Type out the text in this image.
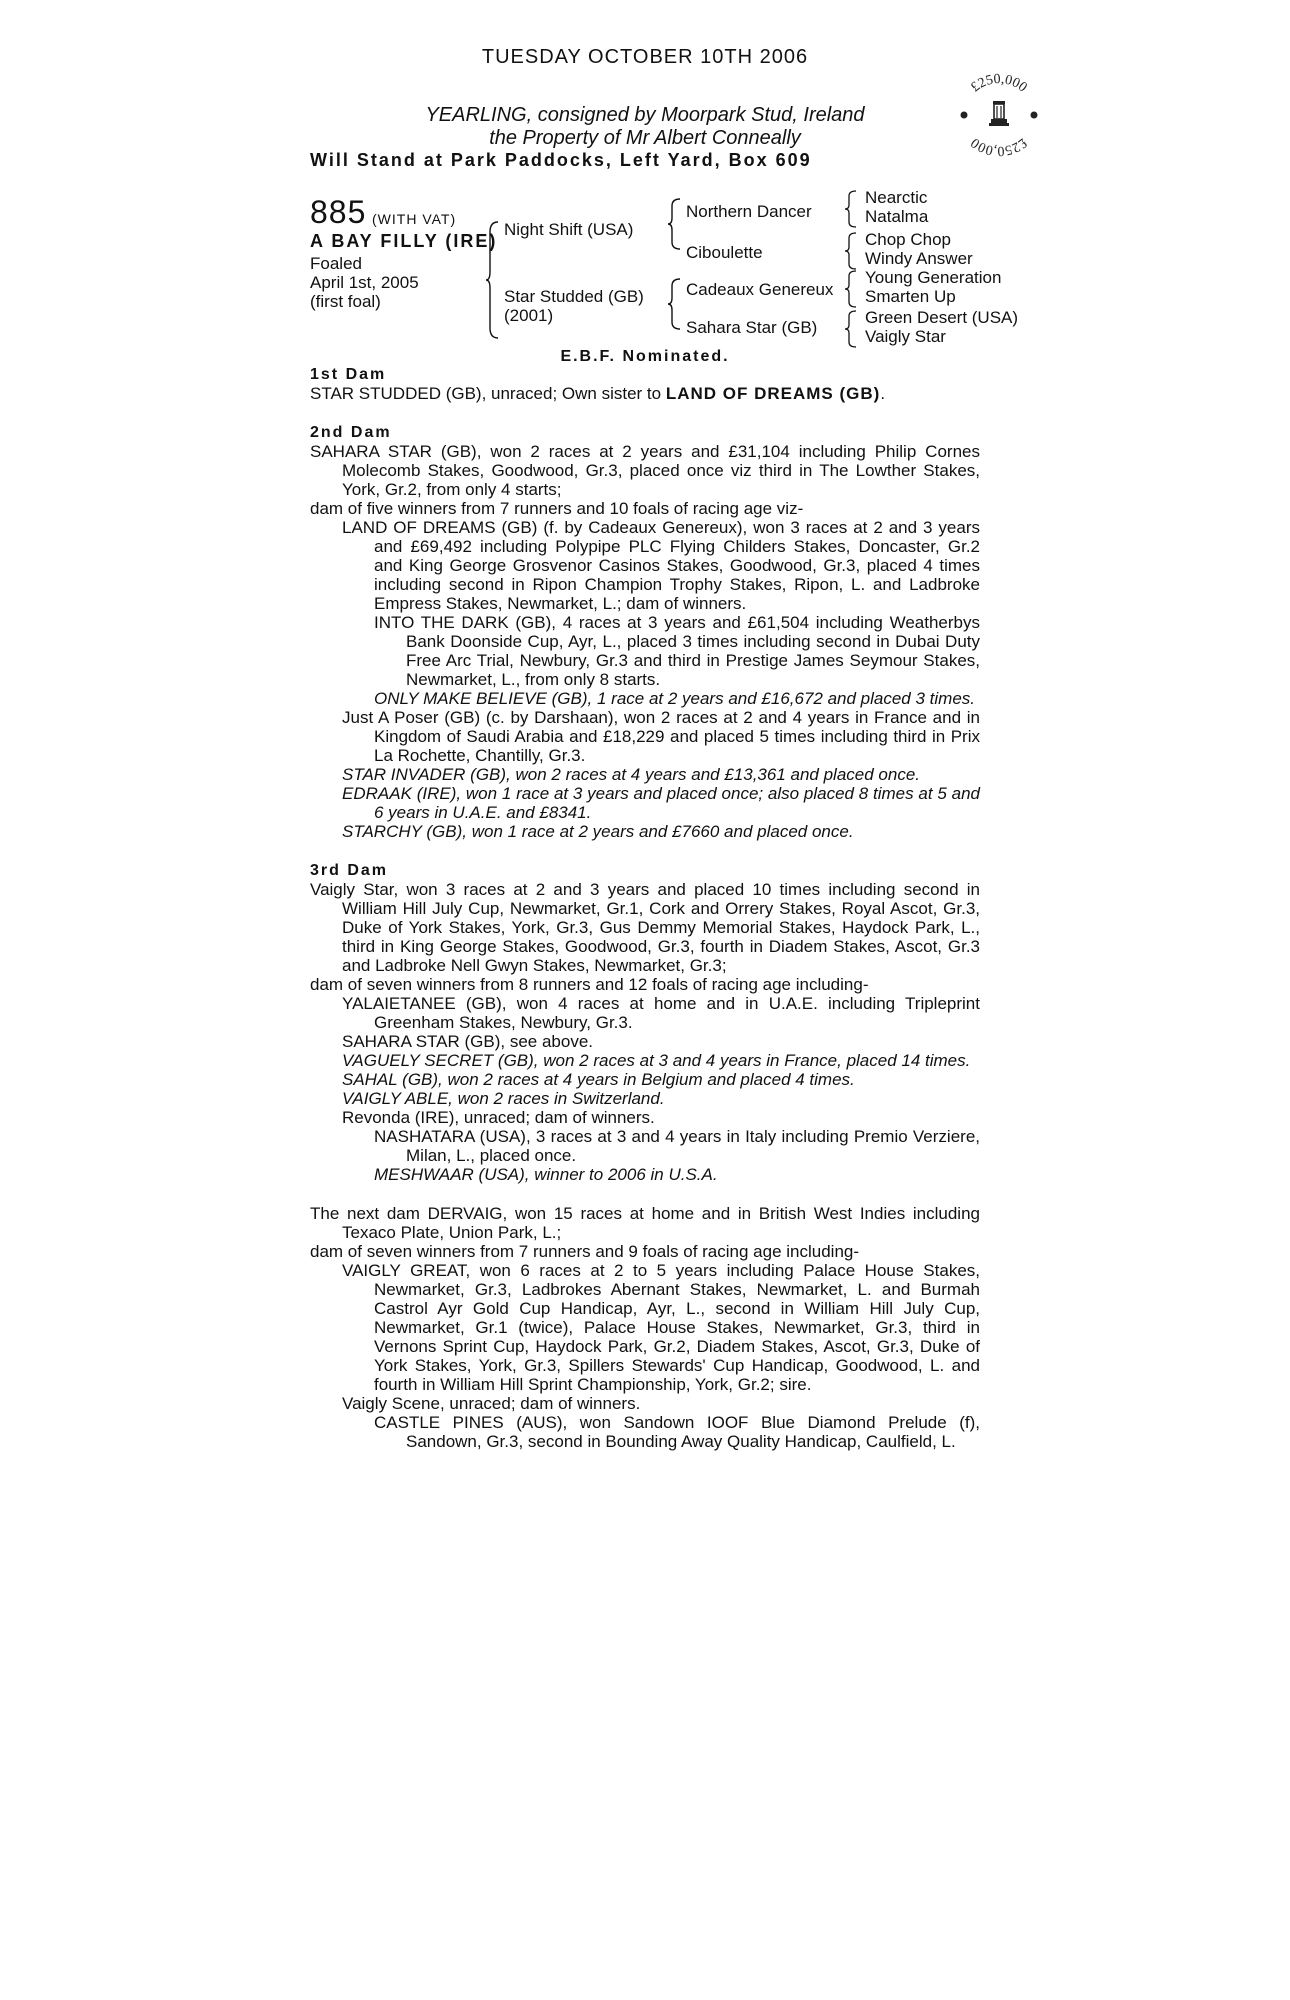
TUESDAY OCTOBER 10TH 2006
YEARLING, consigned by Moorpark Stud, Ireland
the Property of Mr Albert Conneally
Will Stand at Park Paddocks, Left Yard, Box 609
£250,000
£250,000
885 (WITH VAT)
A BAY FILLY (IRE)
Foaled
April 1st, 2005
(first foal)
Night Shift (USA)
Star Studded (GB)
(2001)
Northern Dancer
Ciboulette
Cadeaux Genereux
Sahara Star (GB)
Nearctic
Natalma
Chop Chop
Windy Answer
Young Generation
Smarten Up
Green Desert (USA)
Vaigly Star
E.B.F. Nominated.
1st Dam

STAR STUDDED (GB), unraced; Own sister to LAND OF DREAMS (GB).

2nd Dam

SAHARA STAR (GB), won 2 races at 2 years and £31,104 including Philip Cornes Molecomb Stakes, Goodwood, Gr.3, placed once viz third in The Lowther Stakes, York, Gr.2, from only 4 starts;

dam of five winners from 7 runners and 10 foals of racing age viz-

LAND OF DREAMS (GB) (f. by Cadeaux Genereux), won 3 races at 2 and 3 years and £69,492 including Polypipe PLC Flying Childers Stakes, Doncaster, Gr.2 and King George Grosvenor Casinos Stakes, Goodwood, Gr.3, placed 4 times including second in Ripon Champion Trophy Stakes, Ripon, L. and Ladbroke Empress Stakes, Newmarket, L.; dam of winners.

INTO THE DARK (GB), 4 races at 3 years and £61,504 including Weatherbys Bank Doonside Cup, Ayr, L., placed 3 times including second in Dubai Duty Free Arc Trial, Newbury, Gr.3 and third in Prestige James Seymour Stakes, Newmarket, L., from only 8 starts.

ONLY MAKE BELIEVE (GB), 1 race at 2 years and £16,672 and placed 3 times.

Just A Poser (GB) (c. by Darshaan), won 2 races at 2 and 4 years in France and in Kingdom of Saudi Arabia and £18,229 and placed 5 times including third in Prix La Rochette, Chantilly, Gr.3.

STAR INVADER (GB), won 2 races at 4 years and £13,361 and placed once.

EDRAAK (IRE), won 1 race at 3 years and placed once; also placed 8 times at 5 and 6 years in U.A.E. and £8341.

STARCHY (GB), won 1 race at 2 years and £7660 and placed once.

3rd Dam

Vaigly Star, won 3 races at 2 and 3 years and placed 10 times including second in William Hill July Cup, Newmarket, Gr.1, Cork and Orrery Stakes, Royal Ascot, Gr.3, Duke of York Stakes, York, Gr.3, Gus Demmy Memorial Stakes, Haydock Park, L., third in King George Stakes, Goodwood, Gr.3, fourth in Diadem Stakes, Ascot, Gr.3 and Ladbroke Nell Gwyn Stakes, Newmarket, Gr.3;

dam of seven winners from 8 runners and 12 foals of racing age including-

YALAIETANEE (GB), won 4 races at home and in U.A.E. including Tripleprint Greenham Stakes, Newbury, Gr.3.

SAHARA STAR (GB), see above.

VAGUELY SECRET (GB), won 2 races at 3 and 4 years in France, placed 14 times.

SAHAL (GB), won 2 races at 4 years in Belgium and placed 4 times.

VAIGLY ABLE, won 2 races in Switzerland.

Revonda (IRE), unraced; dam of winners.

NASHATARA (USA), 3 races at 3 and 4 years in Italy including Premio Verziere, Milan, L., placed once.

MESHWAAR (USA), winner to 2006 in U.S.A.

The next dam DERVAIG, won 15 races at home and in British West Indies including Texaco Plate, Union Park, L.;

dam of seven winners from 7 runners and 9 foals of racing age including-

VAIGLY GREAT, won 6 races at 2 to 5 years including Palace House Stakes, Newmarket, Gr.3, Ladbrokes Abernant Stakes, Newmarket, L. and Burmah Castrol Ayr Gold Cup Handicap, Ayr, L., second in William Hill July Cup, Newmarket, Gr.1 (twice), Palace House Stakes, Newmarket, Gr.3, third in Vernons Sprint Cup, Haydock Park, Gr.2, Diadem Stakes, Ascot, Gr.3, Duke of York Stakes, York, Gr.3, Spillers Stewards' Cup Handicap, Goodwood, L. and fourth in William Hill Sprint Championship, York, Gr.2; sire.

Vaigly Scene, unraced; dam of winners.

CASTLE PINES (AUS), won Sandown IOOF Blue Diamond Prelude (f), Sandown, Gr.3, second in Bounding Away Quality Handicap, Caulfield, L.
